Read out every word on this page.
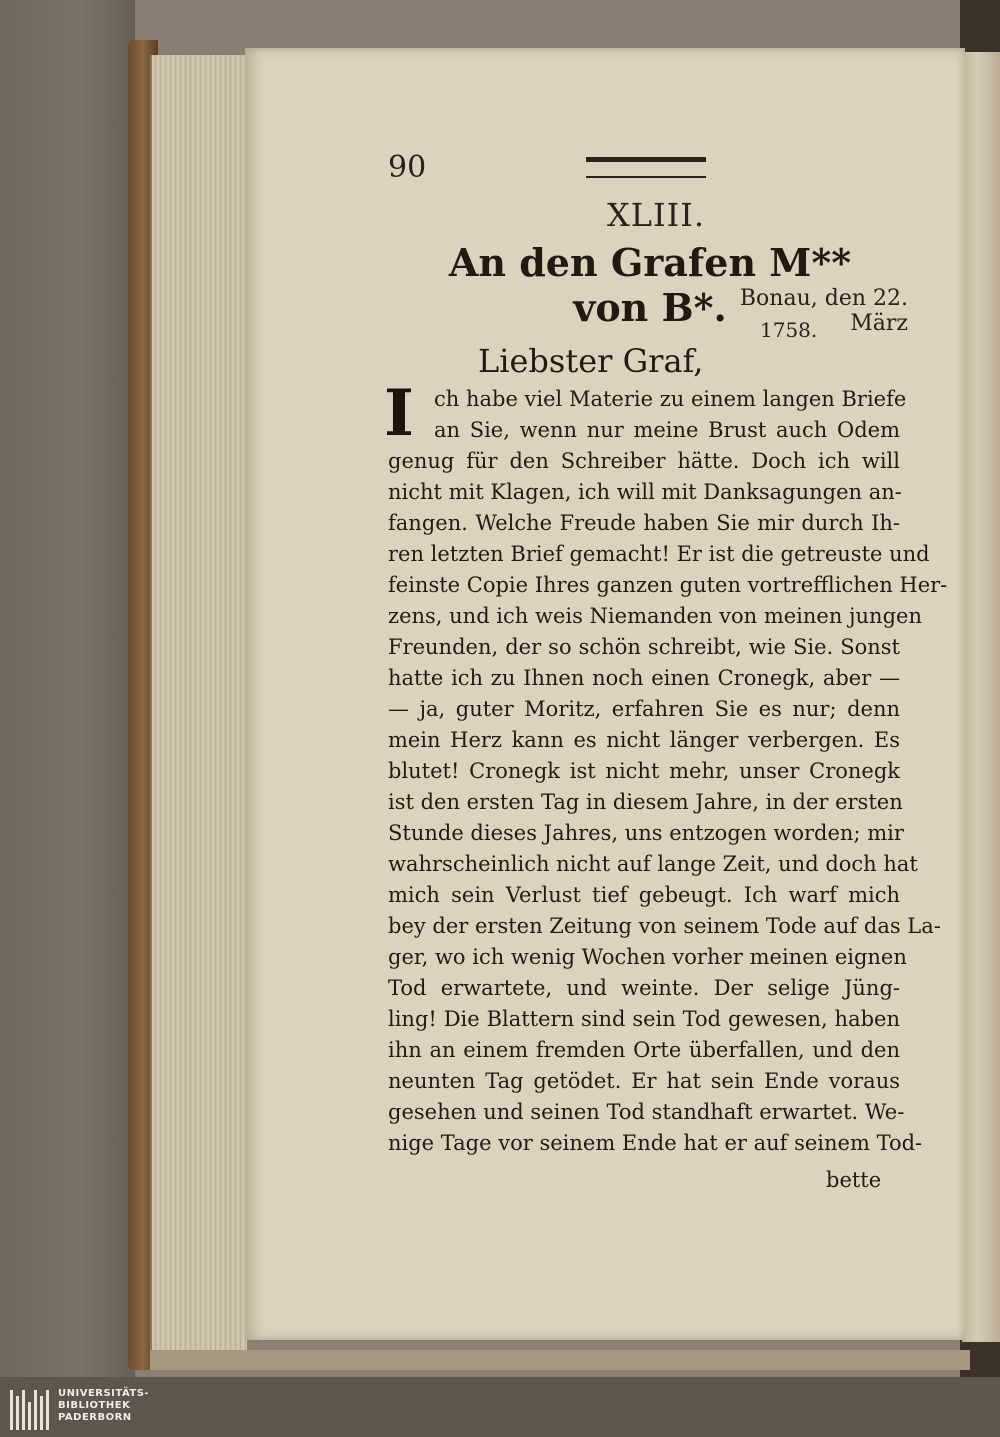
90
XLIII.
An den Grafen M** von B*. Bonau, den 22. März
1758.
Liebster Graf,
I ch habe viel Materie zu einem langen Briefe
an Sie, wenn nur meine Brust auch Odem
genug für den Schreiber hätte. Doch ich will
nicht mit Klagen, ich will mit Danksagungen an-
fangen. Welche Freude haben Sie mir durch Ih-
ren letzten Brief gemacht! Er ist die getreuste und
feinste Copie Ihres ganzen guten vortrefflichen Her-
zens, und ich weis Niemanden von meinen jungen
Freunden, der so schön schreibt, wie Sie. Sonst
hatte ich zu Ihnen noch einen Cronegk, aber —
— ja, guter Moritz, erfahren Sie es nur; denn
mein Herz kann es nicht länger verbergen. Es
blutet! Cronegk ist nicht mehr, unser Cronegk
ist den ersten Tag in diesem Jahre, in der ersten
Stunde dieses Jahres, uns entzogen worden; mir
wahrscheinlich nicht auf lange Zeit, und doch hat
mich sein Verlust tief gebeugt. Ich warf mich
bey der ersten Zeitung von seinem Tode auf das La-
ger, wo ich wenig Wochen vorher meinen eignen
Tod erwartete, und weinte. Der selige Jüng-
ling! Die Blattern sind sein Tod gewesen, haben
ihn an einem fremden Orte überfallen, und den
neunten Tag getödet. Er hat sein Ende voraus
gesehen und seinen Tod standhaft erwartet. We-
nige Tage vor seinem Ende hat er auf seinem Tod-
bette
UNIVERSITÄTS-
BIBLIOTHEK
PADERBORN
